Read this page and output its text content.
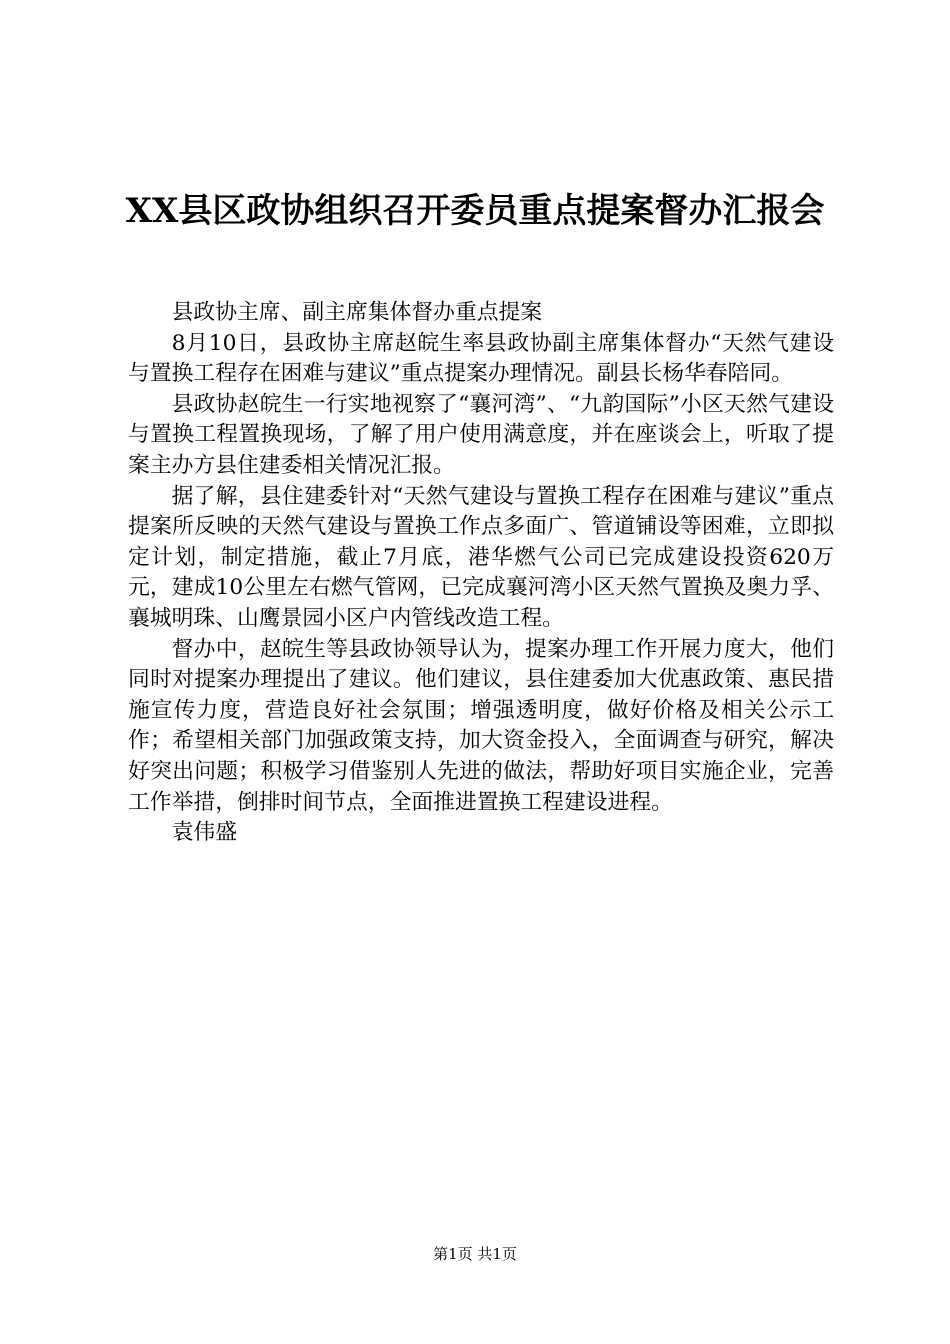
XX县区政协组织召开委员重点提案督办汇报会

县政协主席、副主席集体督办重点提案

8月10日，县政协主席赵皖生率县政协副主席集体督办“天然气建设与置换工程存在困难与建议”重点提案办理情况。副县长杨华春陪同。

县政协赵皖生一行实地视察了“襄河湾”、“九韵国际”小区天然气建设与置换工程置换现场，了解了用户使用满意度，并在座谈会上，听取了提案主办方县住建委相关情况汇报。

据了解，县住建委针对“天然气建设与置换工程存在困难与建议”重点提案所反映的天然气建设与置换工作点多面广、管道铺设等困难，立即拟定计划，制定措施，截止7月底，港华燃气公司已完成建设投资620万元，建成10公里左右燃气管网，已完成襄河湾小区天然气置换及奥力孚、襄城明珠、山鹰景园小区户内管线改造工程。

督办中，赵皖生等县政协领导认为，提案办理工作开展力度大，他们同时对提案办理提出了建议。他们建议，县住建委加大优惠政策、惠民措施宣传力度，营造良好社会氛围；增强透明度，做好价格及相关公示工作；希望相关部门加强政策支持，加大资金投入，全面调查与研究，解决好突出问题；积极学习借鉴别人先进的做法，帮助好项目实施企业，完善工作举措，倒排时间节点，全面推进置换工程建设进程。

袁伟盛

第1页 共1页
